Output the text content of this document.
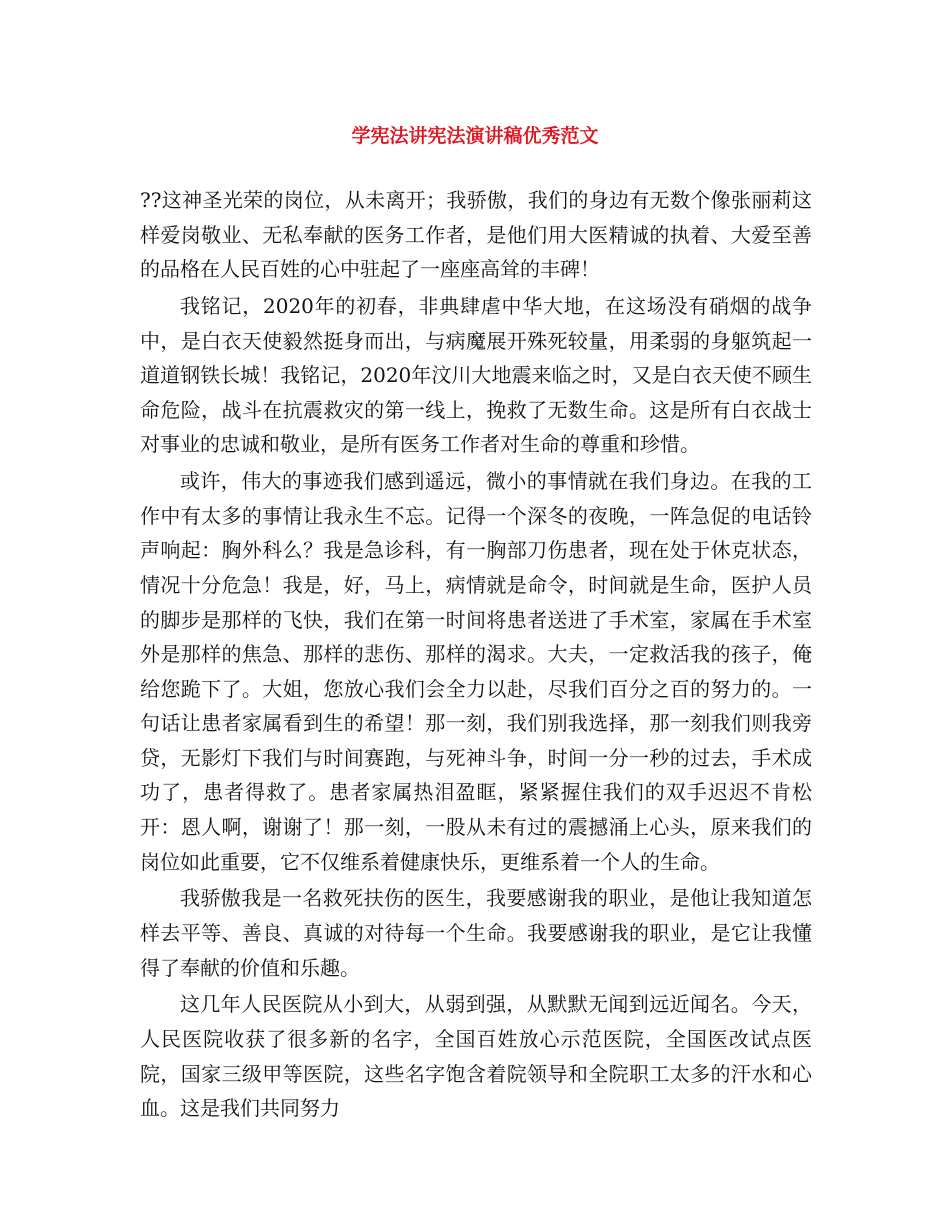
学宪法讲宪法演讲稿优秀范文

??这神圣光荣的岗位，从未离开；我骄傲，我们的身边有无数个像张丽莉这样爱岗敬业、无私奉献的医务工作者，是他们用大医精诚的执着、大爱至善的品格在人民百姓的心中驻起了一座座高耸的丰碑！

我铭记，2020年的初春，非典肆虐中华大地，在这场没有硝烟的战争中，是白衣天使毅然挺身而出，与病魔展开殊死较量，用柔弱的身躯筑起一道道钢铁长城！我铭记，2020年汶川大地震来临之时，又是白衣天使不顾生命危险，战斗在抗震救灾的第一线上，挽救了无数生命。这是所有白衣战士对事业的忠诚和敬业，是所有医务工作者对生命的尊重和珍惜。

或许，伟大的事迹我们感到遥远，微小的事情就在我们身边。在我的工作中有太多的事情让我永生不忘。记得一个深冬的夜晚，一阵急促的电话铃声响起：胸外科么？我是急诊科，有一胸部刀伤患者，现在处于休克状态，情况十分危急！我是，好，马上，病情就是命令，时间就是生命，医护人员的脚步是那样的飞快，我们在第一时间将患者送进了手术室，家属在手术室外是那样的焦急、那样的悲伤、那样的渴求。大夫，一定救活我的孩子，俺给您跪下了。大姐，您放心我们会全力以赴，尽我们百分之百的努力的。一句话让患者家属看到生的希望！那一刻，我们别我选择，那一刻我们则我旁贷，无影灯下我们与时间赛跑，与死神斗争，时间一分一秒的过去，手术成功了，患者得救了。患者家属热泪盈眶，紧紧握住我们的双手迟迟不肯松开：恩人啊，谢谢了！那一刻，一股从未有过的震撼涌上心头，原来我们的岗位如此重要，它不仅维系着健康快乐，更维系着一个人的生命。

我骄傲我是一名救死扶伤的医生，我要感谢我的职业，是他让我知道怎样去平等、善良、真诚的对待每一个生命。我要感谢我的职业，是它让我懂得了奉献的价值和乐趣。

这几年人民医院从小到大，从弱到强，从默默无闻到远近闻名。今天，人民医院收获了很多新的名字，全国百姓放心示范医院，全国医改试点医院，国家三级甲等医院，这些名字饱含着院领导和全院职工太多的汗水和心血。这是我们共同努力
